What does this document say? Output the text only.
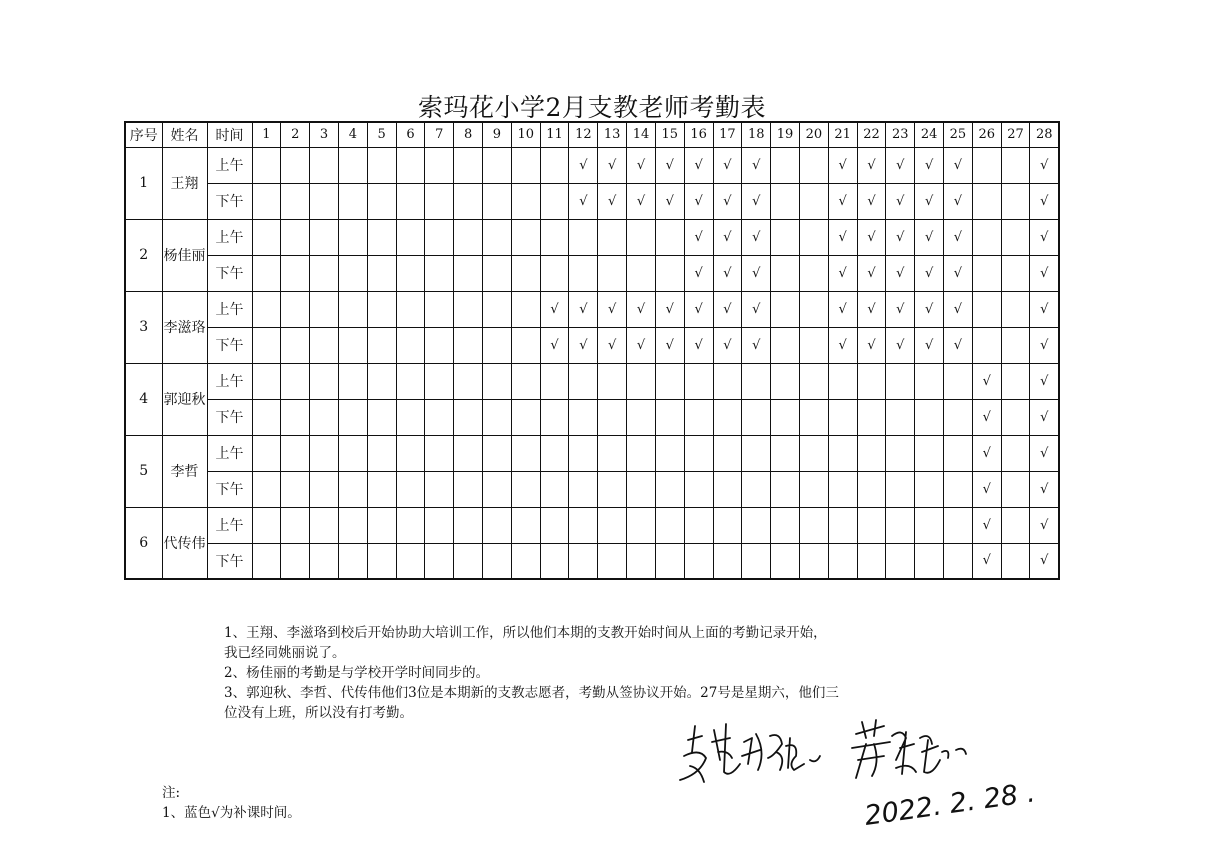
索玛花小学2月支教老师考勤表
序号	姓名	时间	1	2	3	4	5	6	7	8	9	10	11	12	13	14	15	16	17	18	19	20	21	22	23	24	25	26	27	28
1	王翔	上午												√	√	√	√	√	√	√			√	√	√	√	√			√
		下午												√	√	√	√	√	√	√			√	√	√	√	√			√
2	杨佳丽	上午																√	√	√			√	√	√	√	√			√
		下午																√	√	√			√	√	√	√	√			√
3	李滋珞	上午											√	√	√	√	√	√	√	√			√	√	√	√	√			√
		下午											√	√	√	√	√	√	√	√			√	√	√	√	√			√
4	郭迎秋	上午																										√		√
		下午																										√		√
5	李哲	上午																										√		√
		下午																										√		√
6	代传伟	上午																										√		√
		下午																										√		√

1、王翔、李滋珞到校后开始协助大培训工作，所以他们本期的支教开始时间从上面的考勤记录开始，

我已经同姚丽说了。

2、杨佳丽的考勤是与学校开学时间同步的。

3、郭迎秋、李哲、代传伟他们3位是本期新的支教志愿者，考勤从签协议开始。27号是星期六，他们三

位没有上班，所以没有打考勤。

注:

1、蓝色√为补课时间。

考勤记录、	董静芸
2022. 2. 28 .
